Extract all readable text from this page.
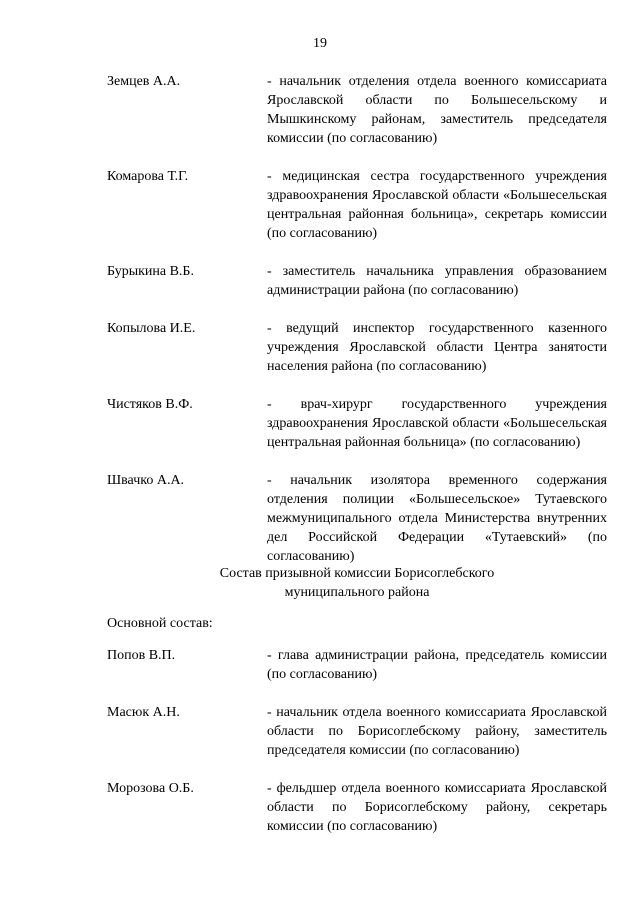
19
Земцев А.А.	- начальник отделения отдела военного комиссариата Ярославской области по Большесельскому и Мышкинскому районам, заместитель председателя комиссии (по согласованию)
Комарова Т.Г.	- медицинская сестра государственного учреждения здравоохранения Ярославской области «Большесельская центральная районная больница», секретарь комиссии (по согласованию)
Бурыкина В.Б.	- заместитель начальника управления образованием администрации района (по согласованию)
Копылова И.Е.	- ведущий инспектор государственного казенного учреждения Ярославской области Центра занятости населения района (по согласованию)
Чистяков В.Ф.	- врач-хирург государственного учреждения здравоохранения Ярославской области «Большесельская центральная районная больница» (по согласованию)
Швачко А.А.	- начальник изолятора временного содержания отделения полиции «Большесельское» Тутаевского межмуниципального отдела Министерства внутренних дел Российской Федерации «Тутаевский» (по согласованию)
Состав призывной комиссии Борисоглебского
муниципального района
Основной состав:
Попов В.П.	- глава администрации района, председатель комиссии (по согласованию)
Масюк А.Н.	- начальник отдела военного комиссариата Ярославской области по Борисоглебскому району, заместитель председателя комиссии (по согласованию)
Морозова О.Б.	- фельдшер отдела военного комиссариата Ярославской области по Борисоглебскому району, секретарь комиссии (по согласованию)
